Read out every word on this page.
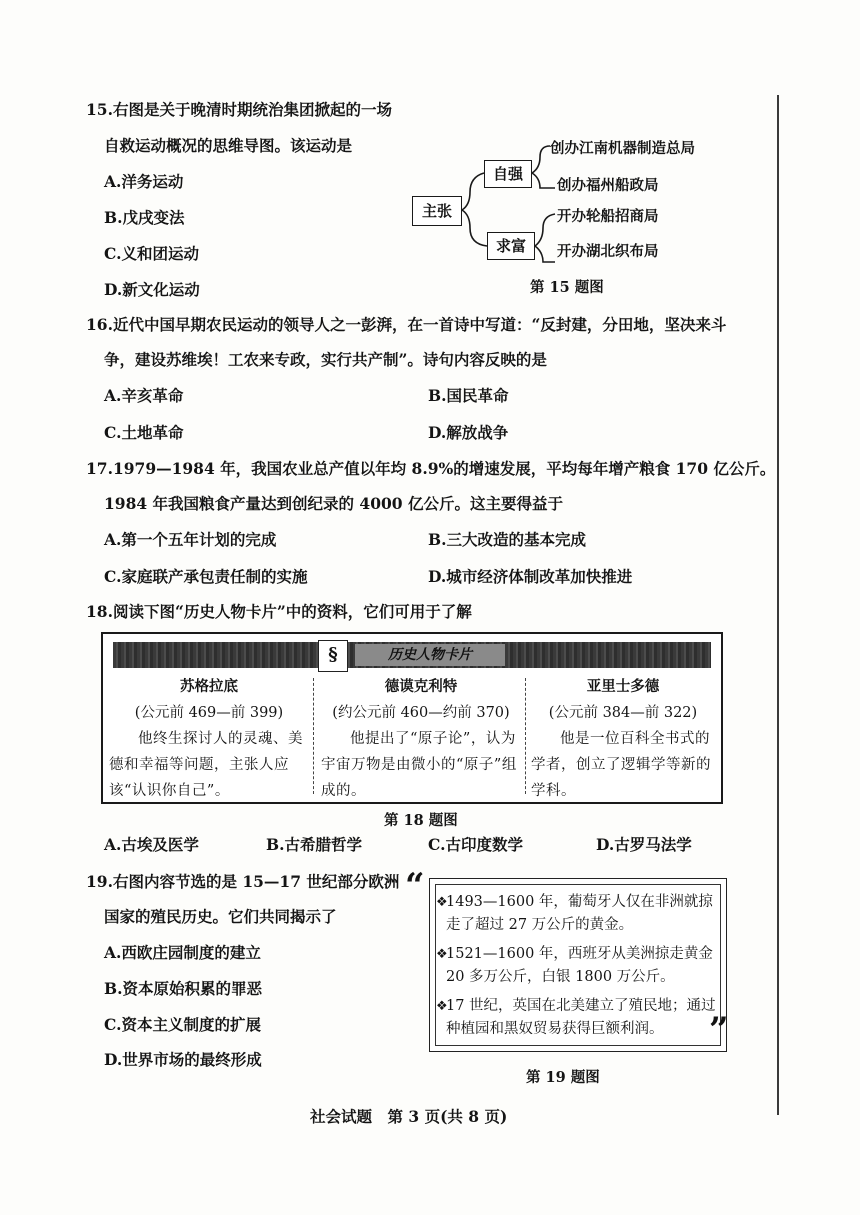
15.右图是关于晚清时期统治集团掀起的一场
自救运动概况的思维导图。该运动是
A.洋务运动
B.戊戌变法
C.义和团运动
D.新文化运动
主张
自强
求富
创办江南机器制造总局
创办福州船政局
开办轮船招商局
开办湖北织布局
第 15 题图
16.近代中国早期农民运动的领导人之一彭湃，在一首诗中写道：“反封建，分田地，坚决来斗
争，建设苏维埃！工农来专政，实行共产制”。诗句内容反映的是
A.辛亥革命	B.国民革命
C.土地革命	D.解放战争
17.1979—1984 年，我国农业总产值以年均 8.9%的增速发展，平均每年增产粮食 170 亿公斤。
1984 年我国粮食产量达到创纪录的 4000 亿公斤。这主要得益于
A.第一个五年计划的完成	B.三大改造的基本完成
C.家庭联产承包责任制的实施	D.城市经济体制改革加快推进
18.阅读下图“历史人物卡片”中的资料，它们可用于了解
§	历史人物卡片
苏格拉底
(公元前 469—前 399)
他终生探讨人的灵魂、美德和幸福等问题，主张人应该“认识你自己”。
德谟克利特
(约公元前 460—约前 370)
他提出了“原子论”，认为宇宙万物是由微小的“原子”组成的。
亚里士多德
(公元前 384—前 322)
他是一位百科全书式的学者，创立了逻辑学等新的学科。
第 18 题图
A.古埃及医学	B.古希腊哲学	C.古印度数学	D.古罗马法学
19.右图内容节选的是 15—17 世纪部分欧洲
国家的殖民历史。它们共同揭示了
A.西欧庄园制度的建立
B.资本原始积累的罪恶
C.资本主义制度的扩展
D.世界市场的最终形成
“ ❖
1493—1600 年，葡萄牙人仅在非洲就掠走了超过 27 万公斤的黄金。
❖
1521—1600 年，西班牙从美洲掠走黄金 20 多万公斤，白银 1800 万公斤。
❖
17 世纪，英国在北美建立了殖民地；通过种植园和黑奴贸易获得巨额利润。	”
第 19 题图
社会试题　第 3 页(共 8 页)
